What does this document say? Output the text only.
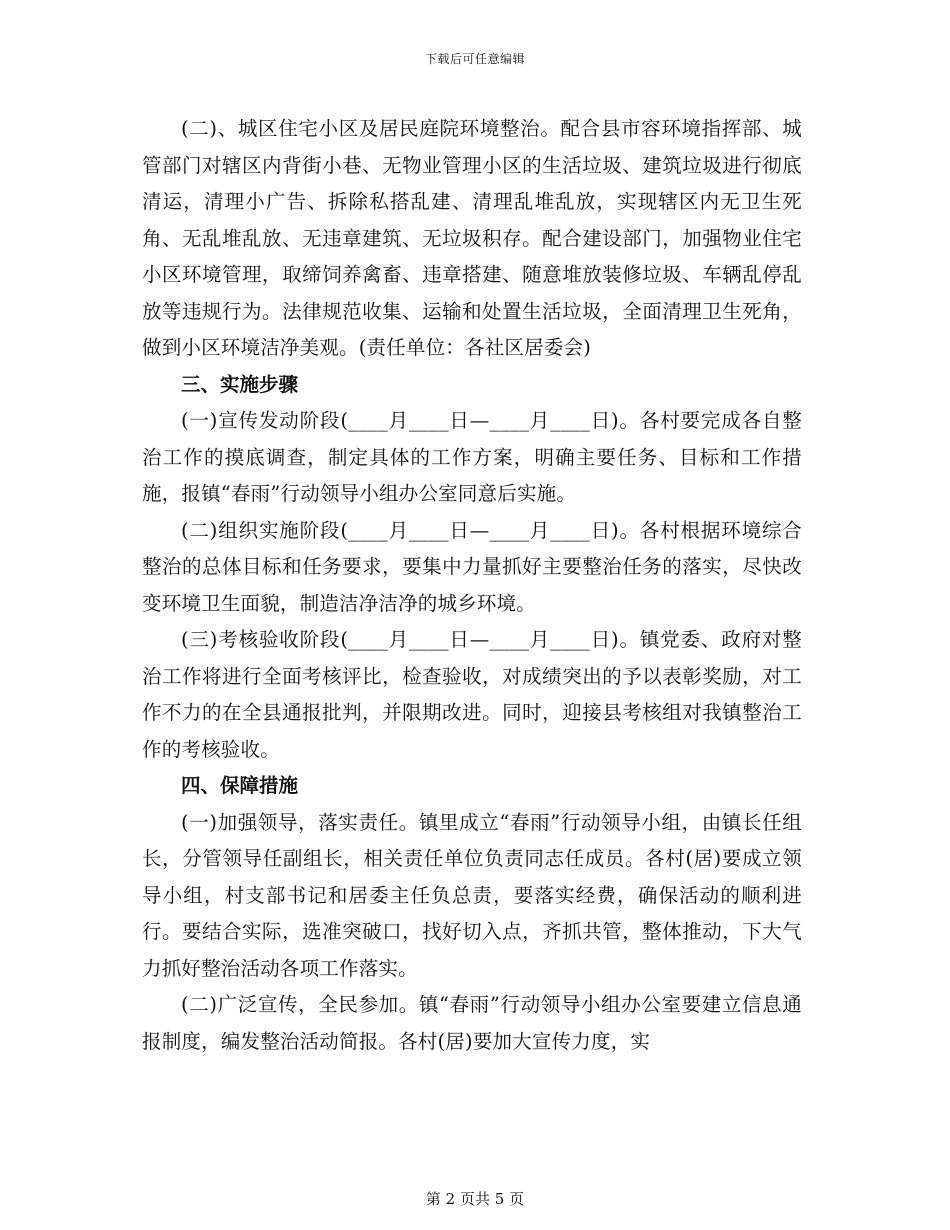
下载后可任意编辑

(二)、城区住宅小区及居民庭院环境整治。配合县市容环境指挥部、城管部门对辖区内背街小巷、无物业管理小区的生活垃圾、建筑垃圾进行彻底清运，清理小广告、拆除私搭乱建、清理乱堆乱放，实现辖区内无卫生死角、无乱堆乱放、无违章建筑、无垃圾积存。配合建设部门，加强物业住宅小区环境管理，取缔饲养禽畜、违章搭建、随意堆放装修垃圾、车辆乱停乱放等违规行为。法律规范收集、运输和处置生活垃圾，全面清理卫生死角，做到小区环境洁净美观。(责任单位：各社区居委会)

三、实施步骤

(一)宣传发动阶段(____月____日—____月____日)。各村要完成各自整治工作的摸底调查，制定具体的工作方案，明确主要任务、目标和工作措施，报镇“春雨”行动领导小组办公室同意后实施。

(二)组织实施阶段(____月____日—____月____日)。各村根据环境综合整治的总体目标和任务要求，要集中力量抓好主要整治任务的落实，尽快改变环境卫生面貌，制造洁净洁净的城乡环境。

(三)考核验收阶段(____月____日—____月____日)。镇党委、政府对整治工作将进行全面考核评比，检查验收，对成绩突出的予以表彰奖励，对工作不力的在全县通报批判，并限期改进。同时，迎接县考核组对我镇整治工作的考核验收。

四、保障措施

(一)加强领导，落实责任。镇里成立“春雨”行动领导小组，由镇长任组长，分管领导任副组长，相关责任单位负责同志任成员。各村(居)要成立领导小组，村支部书记和居委主任负总责，要落实经费，确保活动的顺利进行。要结合实际，选准突破口，找好切入点，齐抓共管，整体推动，下大气力抓好整治活动各项工作落实。

(二)广泛宣传，全民参加。镇“春雨”行动领导小组办公室要建立信息通报制度，编发整治活动简报。各村(居)要加大宣传力度，实

第 2 页共 5 页
